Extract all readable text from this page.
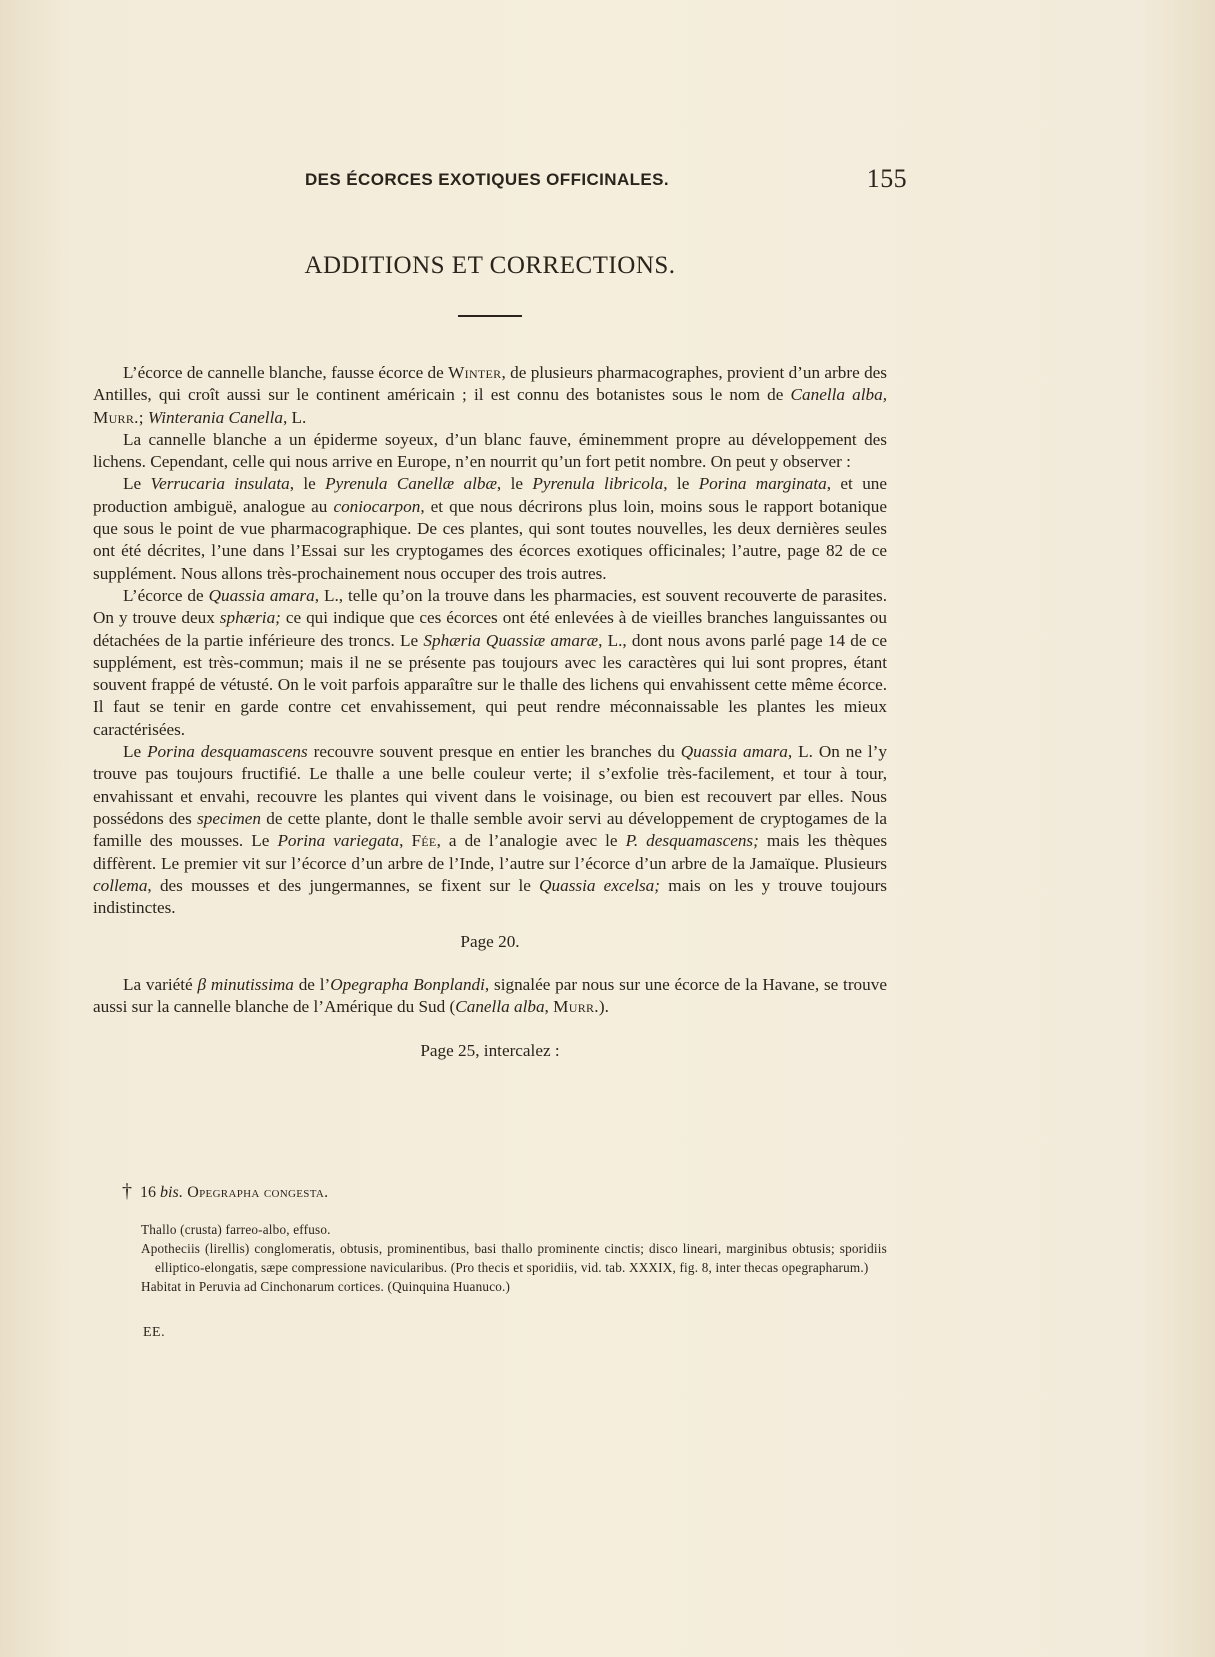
DES ÉCORCES EXOTIQUES OFFICINALES.	155
ADDITIONS ET CORRECTIONS.

L’écorce de cannelle blanche, fausse écorce de Winter, de plusieurs pharmacographes, provient d’un arbre des Antilles, qui croît aussi sur le continent américain ; il est connu des botanistes sous le nom de Canella alba, Murr.; Winterania Canella, L.

La cannelle blanche a un épiderme soyeux, d’un blanc fauve, éminemment propre au développement des lichens. Cependant, celle qui nous arrive en Europe, n’en nourrit qu’un fort petit nombre. On peut y observer :

Le Verrucaria insulata, le Pyrenula Canellæ albæ, le Pyrenula libricola, le Porina marginata, et une production ambiguë, analogue au coniocarpon, et que nous décrirons plus loin, moins sous le rapport botanique que sous le point de vue pharmacographique. De ces plantes, qui sont toutes nouvelles, les deux dernières seules ont été décrites, l’une dans l’Essai sur les cryptogames des écorces exotiques officinales; l’autre, page 82 de ce supplément. Nous allons très-prochainement nous occuper des trois autres.

L’écorce de Quassia amara, L., telle qu’on la trouve dans les pharmacies, est souvent recouverte de parasites. On y trouve deux sphæria; ce qui indique que ces écorces ont été enlevées à de vieilles branches languissantes ou détachées de la partie inférieure des troncs. Le Sphæria Quassiæ amaræ, L., dont nous avons parlé page 14 de ce supplément, est très-commun; mais il ne se présente pas toujours avec les caractères qui lui sont propres, étant souvent frappé de vétusté. On le voit parfois apparaître sur le thalle des lichens qui envahissent cette même écorce. Il faut se tenir en garde contre cet envahissement, qui peut rendre méconnaissable les plantes les mieux caractérisées.

Le Porina desquamascens recouvre souvent presque en entier les branches du Quassia amara, L. On ne l’y trouve pas toujours fructifié. Le thalle a une belle couleur verte; il s’exfolie très-facilement, et tour à tour, envahissant et envahi, recouvre les plantes qui vivent dans le voisinage, ou bien est recouvert par elles. Nous possédons des specimen de cette plante, dont le thalle semble avoir servi au développement de cryptogames de la famille des mousses. Le Porina variegata, Fée, a de l’analogie avec le P. desquamascens; mais les thèques diffèrent. Le premier vit sur l’écorce d’un arbre de l’Inde, l’autre sur l’écorce d’un arbre de la Jamaïque. Plusieurs collema, des mousses et des jungermannes, se fixent sur le Quassia excelsa; mais on les y trouve toujours indistinctes.

Page 20.

La variété β minutissima de l’Opegrapha Bonplandi, signalée par nous sur une écorce de la Havane, se trouve aussi sur la cannelle blanche de l’Amérique du Sud (Canella alba, Murr.).

Page 25, intercalez :

† 16 bis. Opegrapha congesta.

Thallo (crusta) farreo-albo, effuso.

Apotheciis (lirellis) conglomeratis, obtusis, prominentibus, basi thallo prominente cinctis; disco lineari, marginibus obtusis; sporidiis elliptico-elongatis, sæpe compressione navicularibus. (Pro thecis et sporidiis, vid. tab. XXXIX, fig. 8, inter thecas opegrapharum.)

Habitat in Peruvia ad Cinchonarum cortices. (Quinquina Huanuco.)

EE.
